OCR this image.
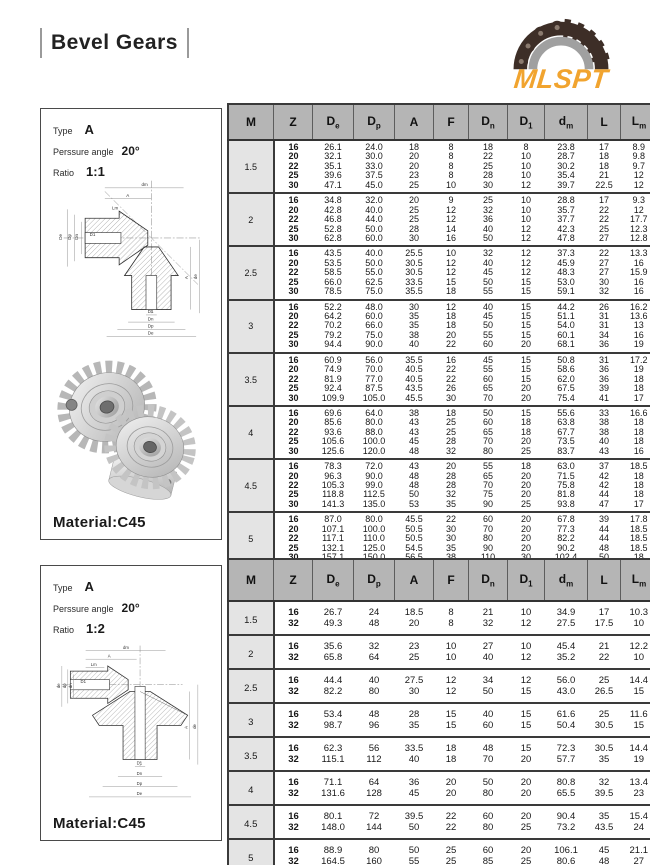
Bevel Gears
MLSPT
Type A
Perssure angle 20°
Ratio 1:1
dm
A
Lm
De Dp Dn D1
A de
D1
Dn
Dp
De
Material:C45
M	Z	$D_e$	$D_p$	A	F	$D_n$	$D_1$	$d_m$	L	$L_m$
1.5	16	26.1	24.0	18	8	18	8	23.8	17	8.9
	20	32.1	30.0	20	8	22	10	28.7	18	9.8
	22	35.1	33.0	20	8	25	10	30.2	18	9.7
	25	39.6	37.5	23	8	28	10	35.4	21	12
	30	47.1	45.0	25	10	30	12	39.7	22.5	12
2	16	34.8	32.0	20	9	25	10	28.8	17	9.3
	20	42.8	40.0	25	12	32	10	35.7	22	12
	22	46.8	44.0	25	12	36	10	37.7	22	17.7
	25	52.8	50.0	28	14	40	12	42.3	25	12.3
	30	62.8	60.0	30	16	50	12	47.8	27	12.8
2.5	16	43.5	40.0	25.5	10	32	12	37.3	22	13.3
	20	53.5	50.0	30.5	12	40	12	45.9	27	16
	22	58.5	55.0	30.5	12	45	12	48.3	27	15.9
	25	66.0	62.5	33.5	15	50	15	53.0	30	16
	30	78.5	75.0	35.5	18	55	15	59.1	32	16
3	16	52.2	48.0	30	12	40	15	44.2	26	16.2
	20	64.2	60.0	35	18	45	15	51.1	31	13.6
	22	70.2	66.0	35	18	50	15	54.0	31	13
	25	79.2	75.0	38	20	55	15	60.1	34	16
	30	94.4	90.0	40	22	60	20	68.1	36	19
3.5	16	60.9	56.0	35.5	16	45	15	50.8	31	17.2
	20	74.9	70.0	40.5	22	55	15	58.6	36	19
	22	81.9	77.0	40.5	22	60	15	62.0	36	18
	25	92.4	87.5	43.5	26	65	20	67.5	39	18
	30	109.9	105.0	45.5	30	70	20	75.4	41	17
4	16	69.6	64.0	38	18	50	15	55.6	33	16.6
	20	85.6	80.0	43	25	60	18	63.8	38	18
	22	93.6	88.0	43	25	65	18	67.7	38	18
	25	105.6	100.0	45	28	70	20	73.5	40	18
	30	125.6	120.0	48	32	80	25	83.7	43	16
4.5	16	78.3	72.0	43	20	55	18	63.0	37	18.5
	20	96.3	90.0	48	28	65	20	71.5	42	18
	22	105.3	99.0	48	28	70	20	75.8	42	18
	25	118.8	112.5	50	32	75	20	81.8	44	18
	30	141.3	135.0	53	35	90	25	93.8	47	17
5	16	87.0	80.0	45.5	22	60	20	67.8	39	17.8
	20	107.1	100.0	50.5	30	70	20	77.3	44	18.5
	22	117.1	110.0	50.5	30	80	20	82.2	44	18.5
	25	132.1	125.0	54.5	35	90	20	90.2	48	18.5

Type A
Perssure angle 20°
Ratio 1:2
dm
A
Lm
de dp dn
D1
A de
D1
Dn
Dp
De
Material:C45
M	Z	$D_e$	$D_p$	A	F	$D_n$	$D_1$	$d_m$	L	$L_m$
1.5	16	26.7	24	18.5	8	21	10	34.9	17	10.3
	32	49.3	48	20	8	32	12	27.5	17.5	10
2	16	35.6	32	23	10	27	10	45.4	21	12.2
	32	65.8	64	25	10	40	12	35.2	22	10
2.5	16	44.4	40	27.5	12	34	12	56.0	25	14.4
	32	82.2	80	30	12	50	15	43.0	26.5	15
3	16	53.4	48	28	15	40	15	61.6	25	11.6
	32	98.7	96	35	15	60	15	50.4	30.5	15
3.5	16	62.3	56	33.5	18	48	15	72.3	30.5	14.4
	32	115.1	112	40	18	70	20	57.7	35	19
4	16	71.1	64	36	20	50	20	80.8	32	13.4
	32	131.6	128	45	20	80	20	65.5	39.5	23
4.5	16	80.1	72	39.5	22	60	20	90.4	35	15.4
	32	148.0	144	50	22	80	25	73.2	43.5	24
5	16	88.9	80	50	25	60	20	106.1	45	21.1
	32	164.5	160	55	25	85	25	80.6	48	27
